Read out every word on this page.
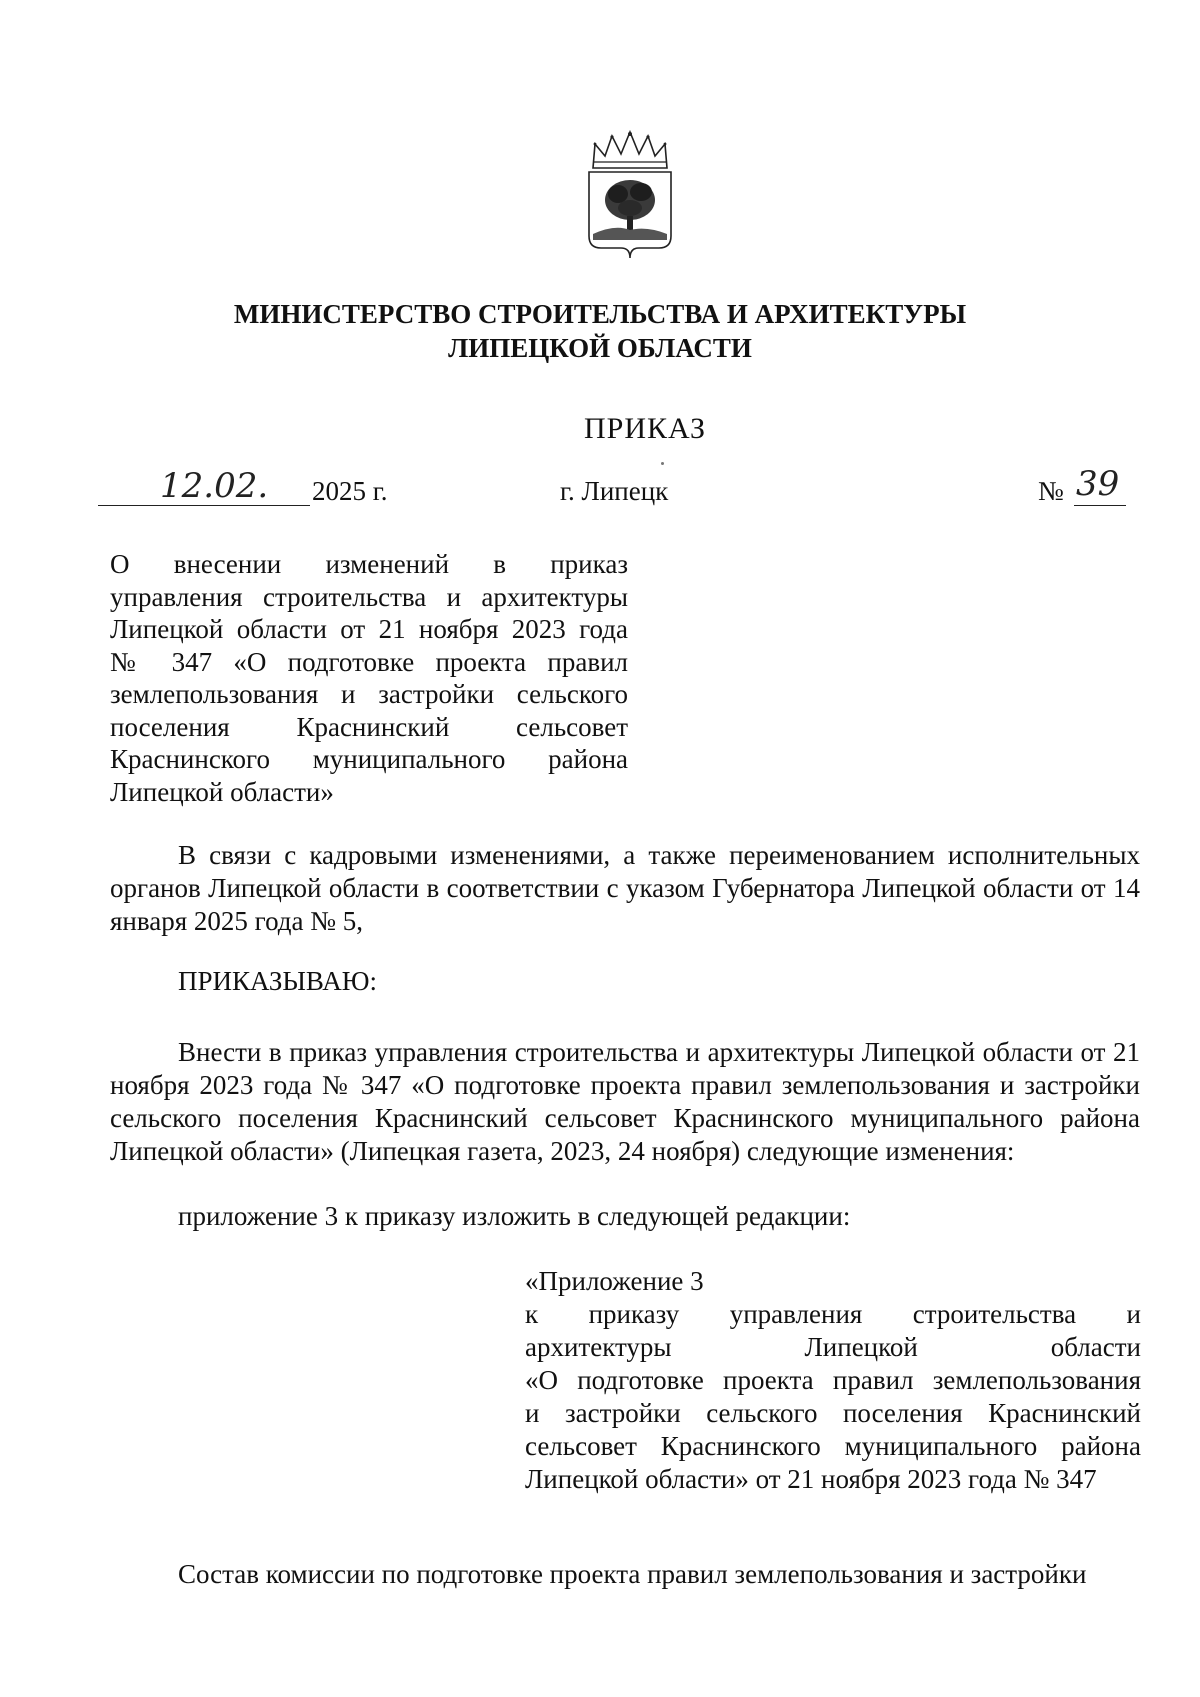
МИНИСТЕРСТВО СТРОИТЕЛЬСТВА И АРХИТЕКТУРЫ
ЛИПЕЦКОЙ ОБЛАСТИ
ПРИКАЗ
12.02. 2025 г.	г. Липецк	№ 39
О внесении изменений в приказ
управления строительства и архитектуры
Липецкой области от 21 ноября 2023 года
№ 347 «О подготовке проекта правил
землепользования и застройки сельского
поселения Краснинский сельсовет
Краснинского муниципального района
Липецкой области»
В связи с кадровыми изменениями, а также переименованием исполнительных органов Липецкой области в соответствии с указом Губернатора Липецкой области от 14 января 2025 года № 5,
ПРИКАЗЫВАЮ:
Внести в приказ управления строительства и архитектуры Липецкой области от 21 ноября 2023 года № 347 «О подготовке проекта правил землепользования и застройки сельского поселения Краснинский сельсовет Краснинского муниципального района Липецкой области» (Липецкая газета, 2023, 24 ноября) следующие изменения:
приложение 3 к приказу изложить в следующей редакции:
«Приложение 3
к приказу управления строительства и
архитектуры Липецкой области
«О подготовке проекта правил землепользования
и застройки сельского поселения Краснинский
сельсовет Краснинского муниципального района
Липецкой области» от 21 ноября 2023 года № 347
Состав комиссии по подготовке проекта правил землепользования и застройки
